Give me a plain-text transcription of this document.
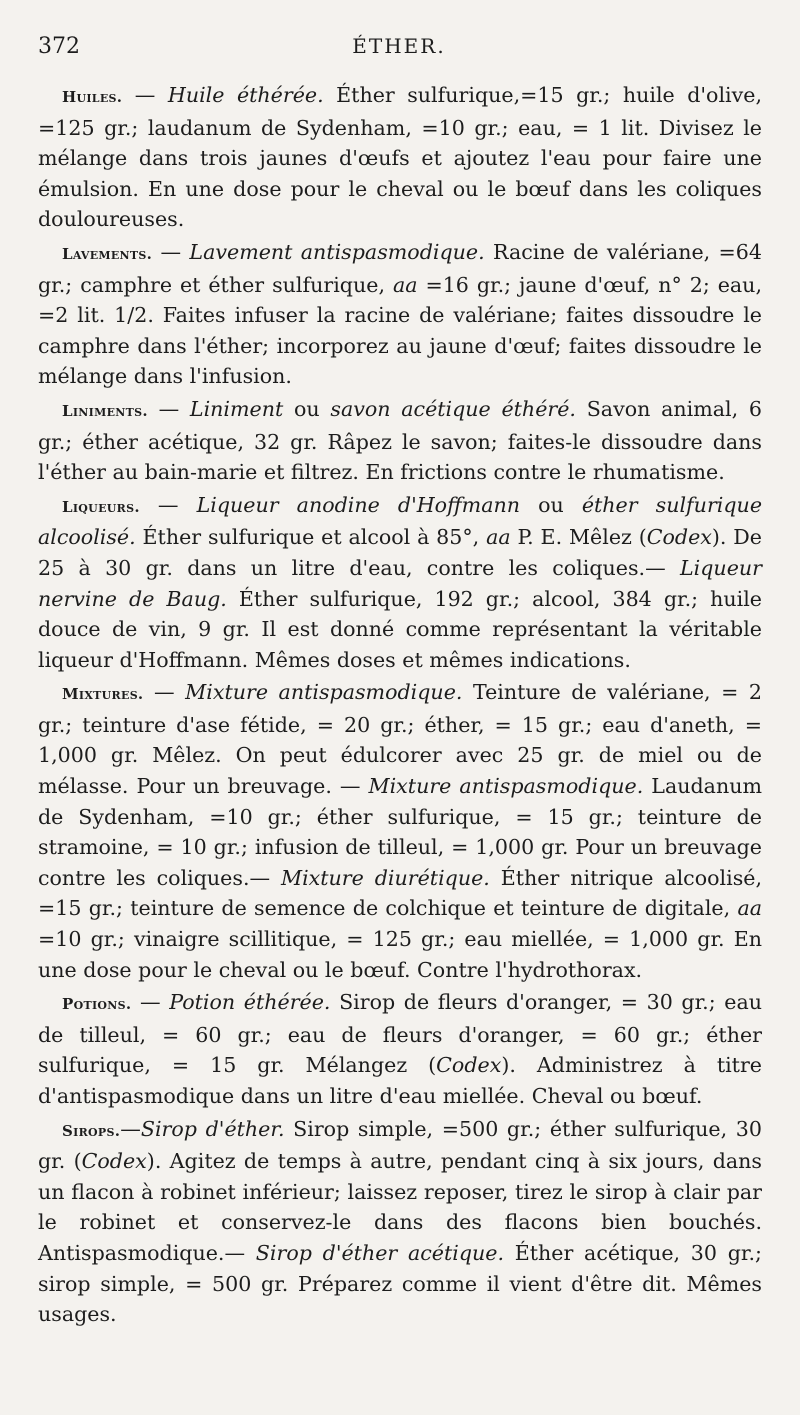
372	ÉTHER.

Huiles. — Huile éthérée. Éther sulfurique,=15 gr.; huile d'olive, =125 gr.; laudanum de Sydenham, =10 gr.; eau, = 1 lit. Divisez le mélange dans trois jaunes d'œufs et ajoutez l'eau pour faire une émulsion. En une dose pour le cheval ou le bœuf dans les coliques douloureuses.

Lavements. — Lavement antispasmodique. Racine de valériane, =64 gr.; camphre et éther sulfurique, aa =16 gr.; jaune d'œuf, n° 2; eau, =2 lit. 1/2. Faites infuser la racine de valériane; faites dissoudre le camphre dans l'éther; incorporez au jaune d'œuf; faites dissoudre le mélange dans l'infusion.

Liniments. — Liniment ou savon acétique éthéré. Savon animal, 6 gr.; éther acétique, 32 gr. Râpez le savon; faites-le dissoudre dans l'éther au bain-marie et filtrez. En frictions contre le rhumatisme.

Liqueurs. — Liqueur anodine d'Hoffmann ou éther sulfurique alcoolisé. Éther sulfurique et alcool à 85°, aa P. E. Mêlez (Codex). De 25 à 30 gr. dans un litre d'eau, contre les coliques.— Liqueur nervine de Baug. Éther sulfurique, 192 gr.; alcool, 384 gr.; huile douce de vin, 9 gr. Il est donné comme représentant la véritable liqueur d'Hoffmann. Mêmes doses et mêmes indications.

Mixtures. — Mixture antispasmodique. Teinture de valériane, = 2 gr.; teinture d'ase fétide, = 20 gr.; éther, = 15 gr.; eau d'aneth, = 1,000 gr. Mêlez. On peut édulcorer avec 25 gr. de miel ou de mélasse. Pour un breuvage. — Mixture antispasmodique. Laudanum de Sydenham, =10 gr.; éther sulfurique, = 15 gr.; teinture de stramoine, = 10 gr.; infusion de tilleul, = 1,000 gr. Pour un breuvage contre les coliques.— Mixture diurétique. Éther nitrique alcoolisé, =15 gr.; teinture de semence de colchique et teinture de digitale, aa =10 gr.; vinaigre scillitique, = 125 gr.; eau miellée, = 1,000 gr. En une dose pour le cheval ou le bœuf. Contre l'hydrothorax.

Potions. — Potion éthérée. Sirop de fleurs d'oranger, = 30 gr.; eau de tilleul, = 60 gr.; eau de fleurs d'oranger, = 60 gr.; éther sulfurique, = 15 gr. Mélangez (Codex). Administrez à titre d'antispasmodique dans un litre d'eau miellée. Cheval ou bœuf.

Sirops.—Sirop d'éther. Sirop simple, =500 gr.; éther sulfurique, 30 gr. (Codex). Agitez de temps à autre, pendant cinq à six jours, dans un flacon à robinet inférieur; laissez reposer, tirez le sirop à clair par le robinet et conservez-le dans des flacons bien bouchés. Antispasmodique.— Sirop d'éther acétique. Éther acétique, 30 gr.; sirop simple, = 500 gr. Préparez comme il vient d'être dit. Mêmes usages.
